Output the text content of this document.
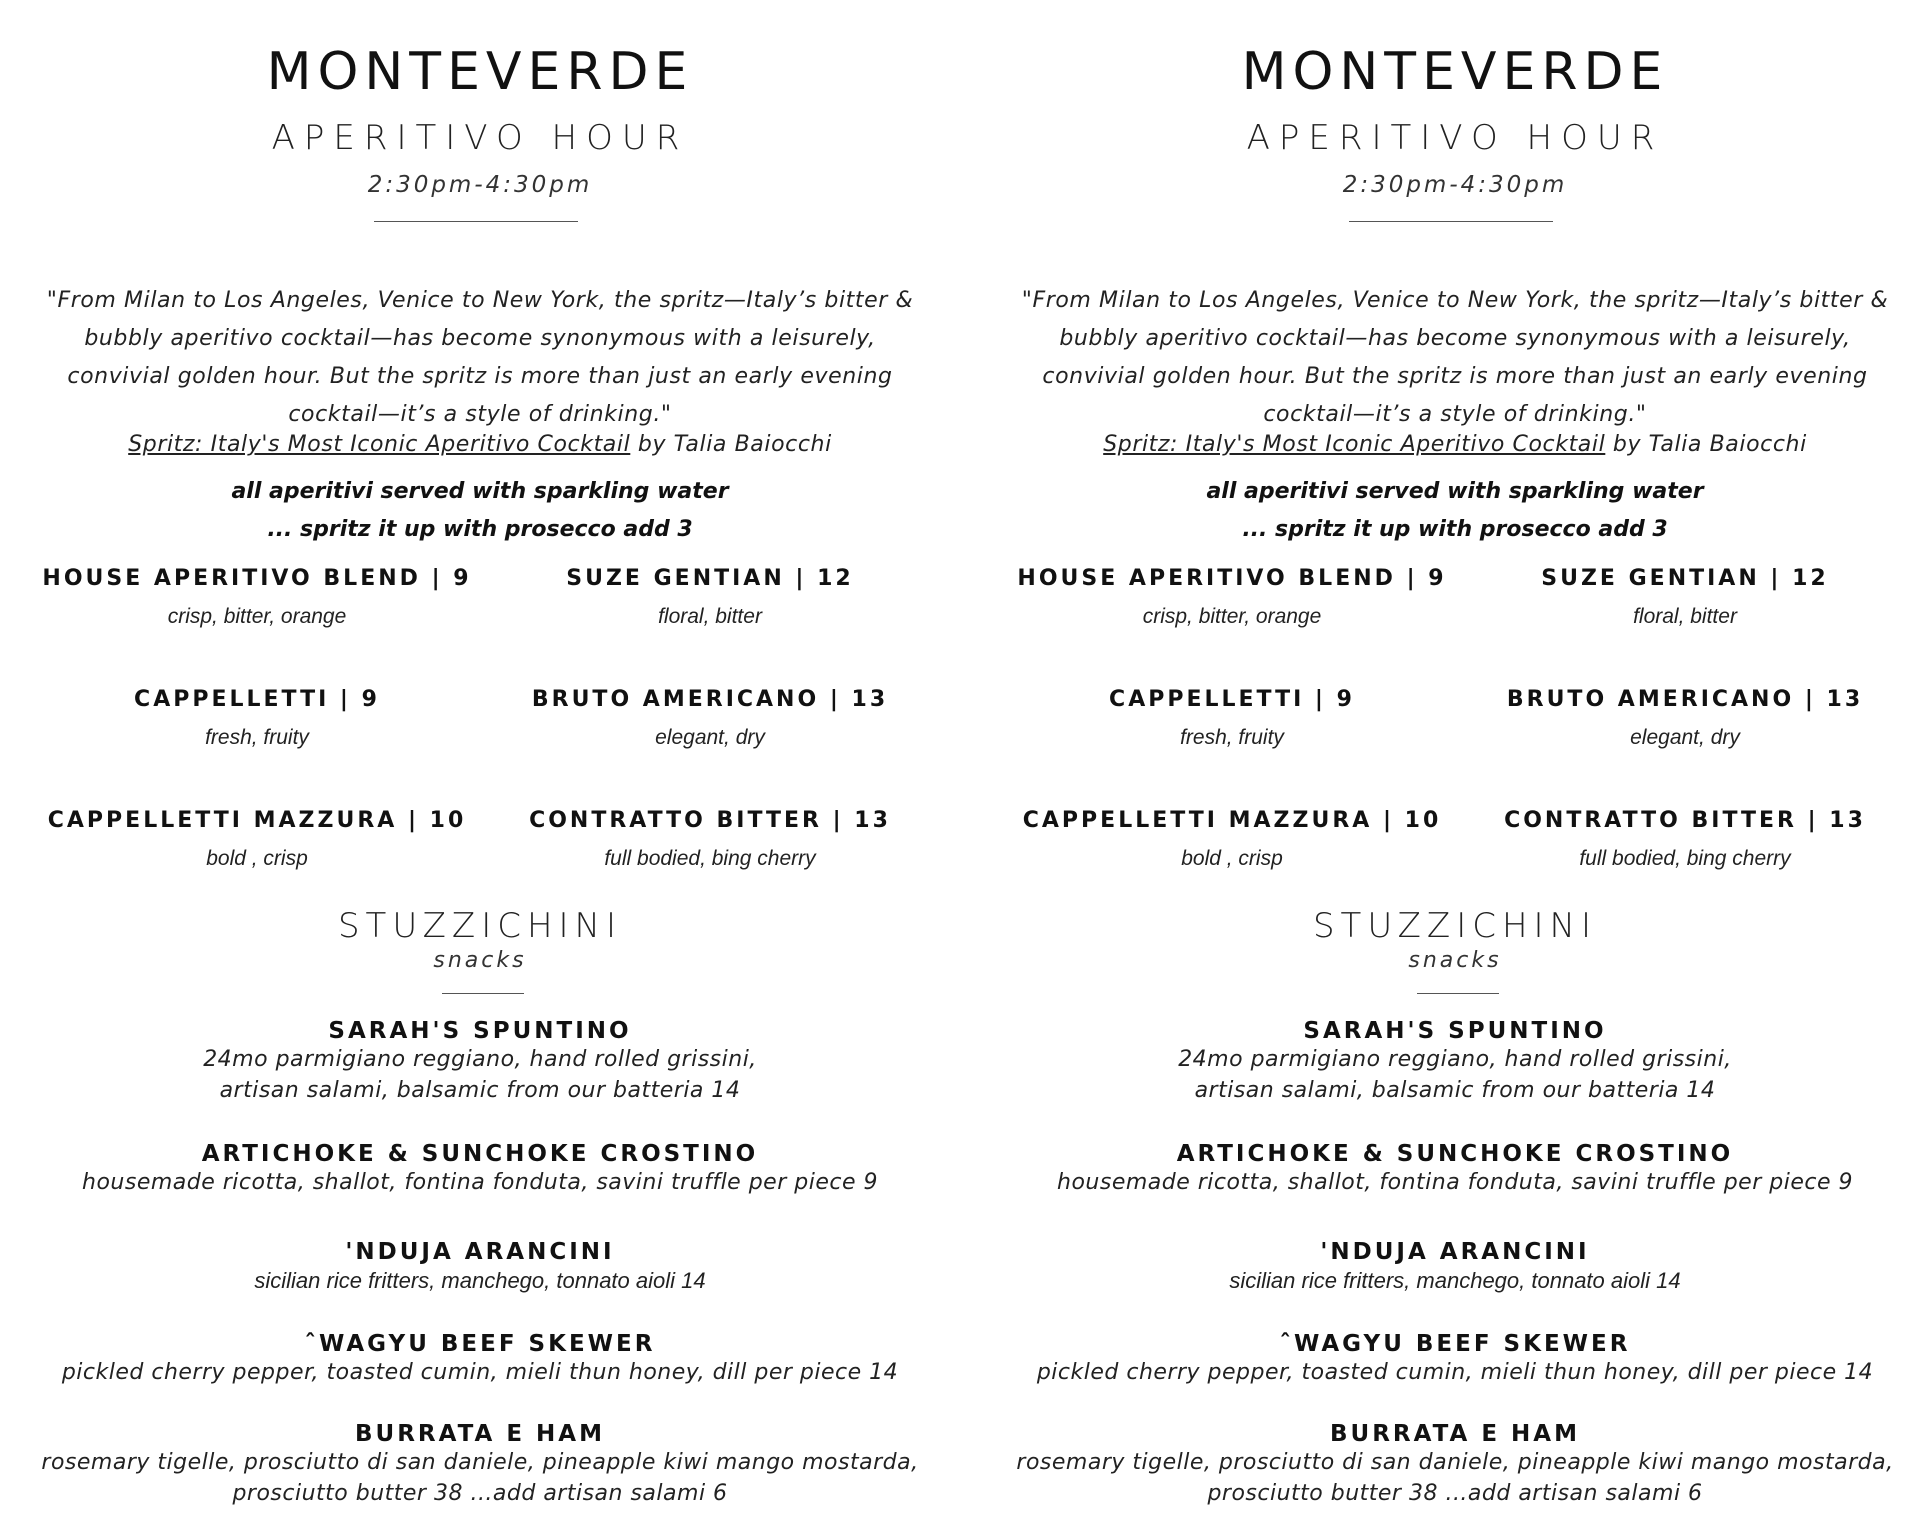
MONTEVERDE
APERITIVO HOUR
2:30pm-4:30pm
"From Milan to Los Angeles, Venice to New York, the spritz—Italy’s bitter & bubbly aperitivo cocktail—has become synonymous with a leisurely, convivial golden hour. But the spritz is more than just an early evening cocktail—it’s a style of drinking."
Spritz: Italy's Most Iconic Aperitivo Cocktail by Talia Baiocchi
all aperitivi served with sparkling water
... spritz it up with prosecco add 3
HOUSE APERITIVO BLEND | 9
crisp, bitter, orange
SUZE GENTIAN | 12
floral, bitter
CAPPELLETTI | 9
fresh, fruity
BRUTO AMERICANO | 13
elegant, dry
CAPPELLETTI MAZZURA | 10
bold , crisp
CONTRATTO BITTER | 13
full bodied, bing cherry
STUZZICHINI
snacks
SARAH'S SPUNTINO
24mo parmigiano reggiano, hand rolled grissini,
artisan salami, balsamic from our batteria 14
ARTICHOKE & SUNCHOKE CROSTINO
housemade ricotta, shallot, fontina fonduta, savini truffle per piece 9
'NDUJA ARANCINI
sicilian rice fritters, manchego, tonnato aioli 14
ˆWAGYU BEEF SKEWER
pickled cherry pepper, toasted cumin, mieli thun honey, dill per piece 14
BURRATA E HAM
rosemary tigelle, prosciutto di san daniele, pineapple kiwi mango mostarda,
prosciutto butter 38 ...add artisan salami 6
MONTEVERDE
APERITIVO HOUR
2:30pm-4:30pm
"From Milan to Los Angeles, Venice to New York, the spritz—Italy’s bitter & bubbly aperitivo cocktail—has become synonymous with a leisurely, convivial golden hour. But the spritz is more than just an early evening cocktail—it’s a style of drinking."
Spritz: Italy's Most Iconic Aperitivo Cocktail by Talia Baiocchi
all aperitivi served with sparkling water
... spritz it up with prosecco add 3
HOUSE APERITIVO BLEND | 9
crisp, bitter, orange
SUZE GENTIAN | 12
floral, bitter
CAPPELLETTI | 9
fresh, fruity
BRUTO AMERICANO | 13
elegant, dry
CAPPELLETTI MAZZURA | 10
bold , crisp
CONTRATTO BITTER | 13
full bodied, bing cherry
STUZZICHINI
snacks
SARAH'S SPUNTINO
24mo parmigiano reggiano, hand rolled grissini,
artisan salami, balsamic from our batteria 14
ARTICHOKE & SUNCHOKE CROSTINO
housemade ricotta, shallot, fontina fonduta, savini truffle per piece 9
'NDUJA ARANCINI
sicilian rice fritters, manchego, tonnato aioli 14
ˆWAGYU BEEF SKEWER
pickled cherry pepper, toasted cumin, mieli thun honey, dill per piece 14
BURRATA E HAM
rosemary tigelle, prosciutto di san daniele, pineapple kiwi mango mostarda,
prosciutto butter 38 ...add artisan salami 6
